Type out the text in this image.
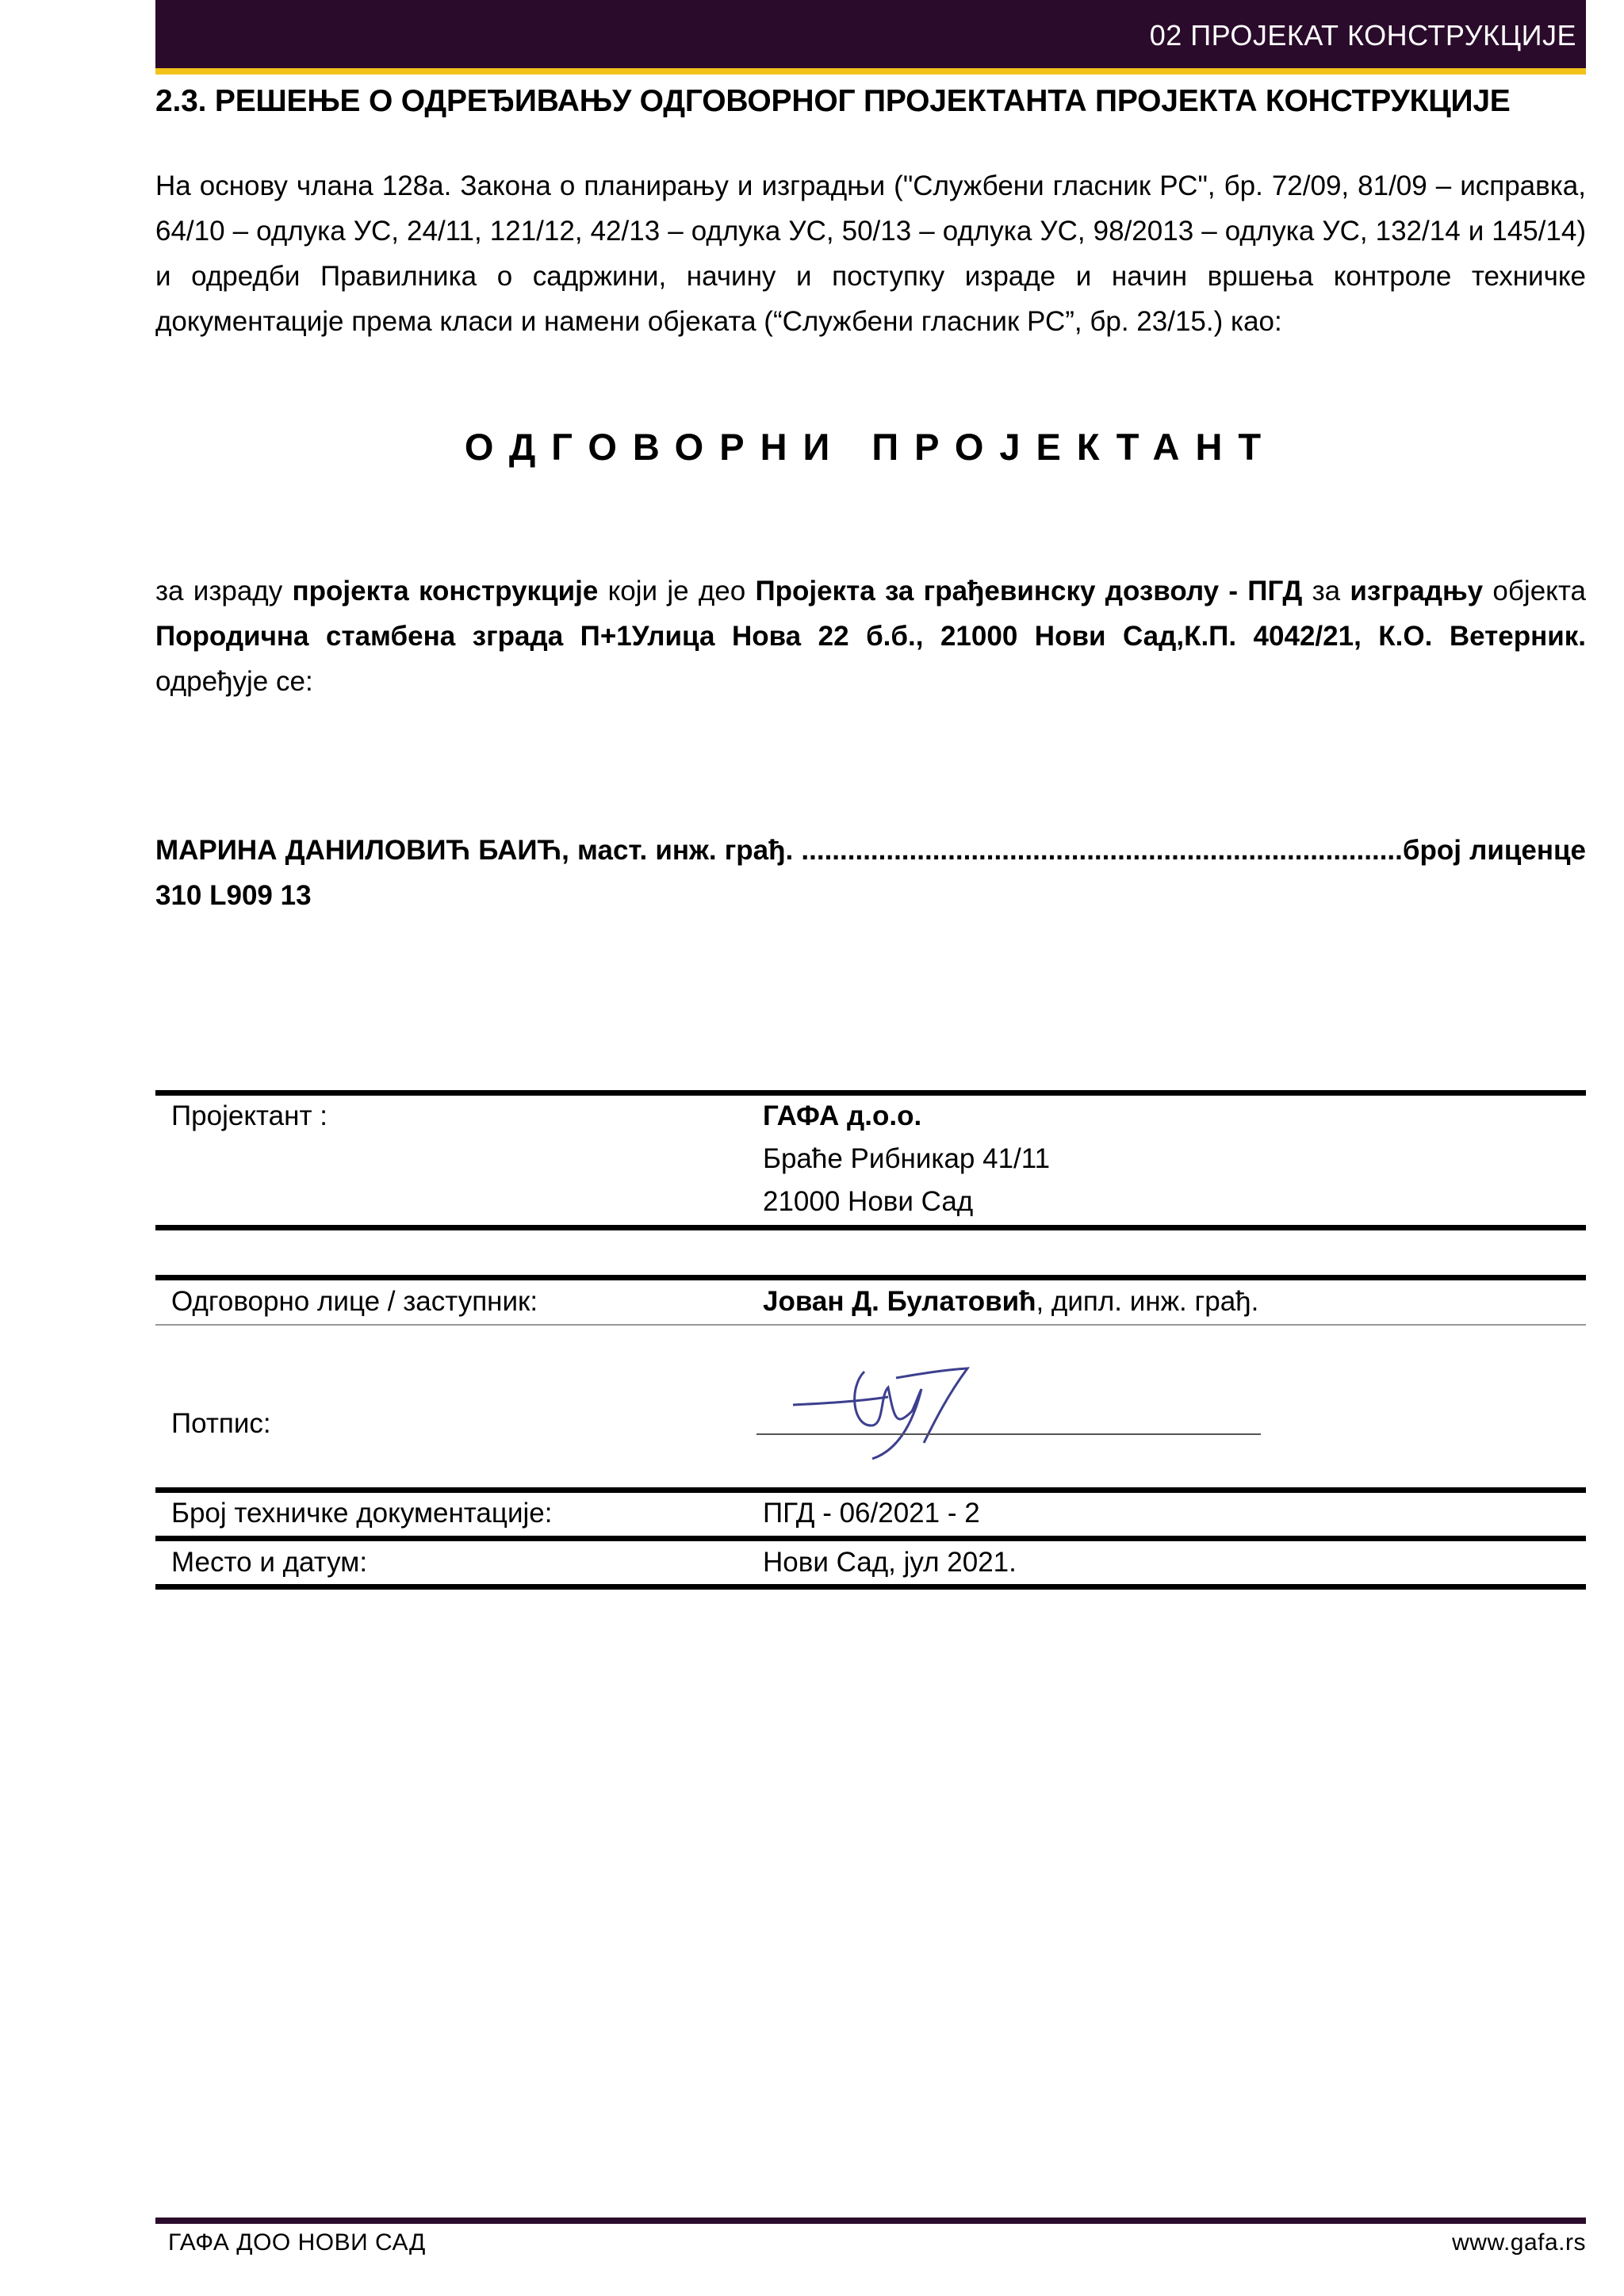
02 ПРОЈЕКАТ КОНСТРУКЦИЈЕ
2.3. РЕШЕЊЕ О ОДРЕЂИВАЊУ ОДГОВОРНОГ ПРОЈЕКТАНТА ПРОЈЕКТА КОНСТРУКЦИЈЕ
На основу члана 128а. Закона о планирању и изградњи ("Службени гласник РС", бр. 72/09, 81/09 – исправка, 64/10 – одлука УС, 24/11, 121/12, 42/13 – одлука УС, 50/13 – одлука УС, 98/2013 – одлука УС, 132/14 и 145/14) и одредби Правилника о садржини, начину и поступку израде и начин вршења контроле техничке документације према класи и намени објеката (“Службени гласник РС”, бр. 23/15.) као:
ОДГОВОРНИ ПРОЈЕКТАНТ
за израду пројекта конструкције који је део Пројекта за грађевинску дозволу - ПГД за изградњу објекта Породична стамбена зграда П+1Улица Нова 22 б.б., 21000 Нови Сад,К.П. 4042/21, К.О. Ветерник. одређује се:
МАРИНА ДАНИЛОВИЋ БАИЋ, маст. инж. грађ. ..............................................................................број лиценце 310 L909 13
Пројектант :	ГАФА д.о.о.
Браће Рибникар 41/11
21000 Нови Сад
Одговорно лице / заступник:	Јован Д. Булатовић, дипл. инж. грађ.
Потпис:
Број техничке документације:	ПГД - 06/2021 - 2
Место и датум:	Нови Сад, јул 2021.
ГАФА ДОО НОВИ САД	www.gafa.rs
